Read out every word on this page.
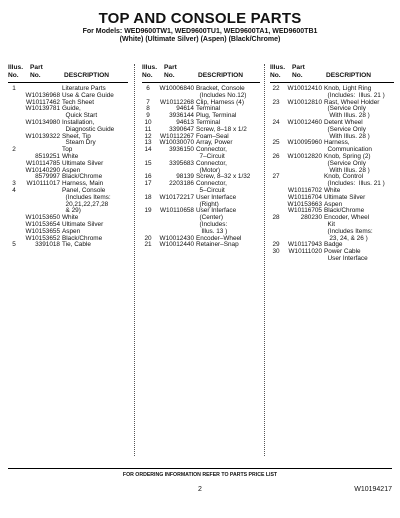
TOP AND CONSOLE PARTS
For Models: WED9600TW1, WED9600TU1, WED9600TA1, WED9600TB1
(White) (Ultimate Silver) (Aspen) (Black/Chrome)
Illus.
No.
Part
No.	DESCRIPTION
1	Literature Parts
W10136968 Use & Care Guide
W10117462 Tech Sheet
W10139781 Guide,
Quick Start
W10134980 Installation,
Diagnostic Guide
W10139322 Sheet, Tip
Steam Dry
2	Top
8519251 White
W10114785 Ultimate Silver
W10140290 Aspen
8579997 Black/Chrome
3	W10111017 Harness, Main
4	Panel, Console
(Includes Items:
20,21,22,27,28
& 29)
W10153650 White
W10153654 Ultimate Silver
W10153655 Aspen
W10153652 Black/Chrome
5	3391018 Tie, Cable
Illus.
No.
Part
No.	DESCRIPTION
6	W10006840 Bracket, Console
(Includes No.12)
7	W10112268 Clip, Harness (4)
8	94614 Terminal
9	3936144 Plug, Terminal
10	94613 Terminal
11	3390647 Screw, 8–18 x 1/2
12	W10112267 Foam–Seal
13	W10030070 Array, Power
14	3936150 Connector,
7–Circuit
15	3395683 Connector,
(Motor)
16	98139 Screw, 8–32 x 1/32
17	2203186 Connector,
5–Circuit
18	W10172217 User Interface
(Right)
19	W10110658 User Interface
(Center)
(Includes:
Illus. 13 )
20	W10012430 Encoder–Wheel
21	W10012440 Retainer–Snap
Illus.
No.
Part
No.	DESCRIPTION
22	W10012410 Knob, Light Ring
(Includes:  Illus. 21 )
23	W10012810 Rast, Wheel Holder
(Service Only
With Illus. 28 )
24	W10012460 Detent Wheel
(Service Only
With Illus. 28 )
25	W10095960 Harness,
Communication
26	W10012820 Knob, Spring (2)
(Service Only
With Illus. 28 )
27	Knob, Control
(Includes:  Illus. 21 )
W10116702 White
W10116704 Ultimate Silver
W10153663 Aspen
W10116705 Black/Chrome
28	280230 Encoder, Wheel
Kit
(Includes Items:
23, 24, & 26 )
29	W10117943 Badge
30	W10111020 Power Cable
User Interface
FOR ORDERING INFORMATION REFER TO PARTS PRICE LIST
2	W10194217
